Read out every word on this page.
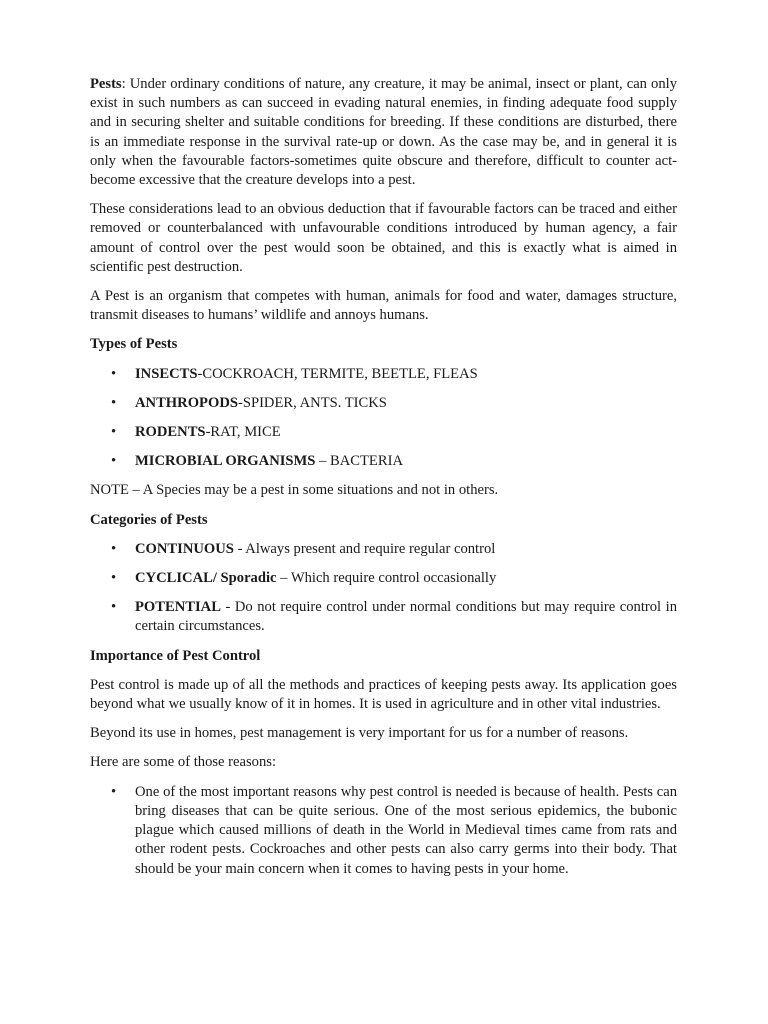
Pests: Under ordinary conditions of nature, any creature, it may be animal, insect or plant, can only exist in such numbers as can succeed in evading natural enemies, in finding adequate food supply and in securing shelter and suitable conditions for breeding. If these conditions are disturbed, there is an immediate response in the survival rate-up or down. As the case may be, and in general it is only when the favourable factors-sometimes quite obscure and therefore, difficult to counter act-become excessive that the creature develops into a pest.

These considerations lead to an obvious deduction that if favourable factors can be traced and either removed or counterbalanced with unfavourable conditions introduced by human agency, a fair amount of control over the pest would soon be obtained, and this is exactly what is aimed in scientific pest destruction.

A Pest is an organism that competes with human, animals for food and water, damages structure, transmit diseases to humans’ wildlife and annoys humans.

Types of Pests

• INSECTS-COCKROACH, TERMITE, BEETLE, FLEAS
• ANTHROPODS-SPIDER, ANTS. TICKS
• RODENTS-RAT, MICE
• MICROBIAL ORGANISMS – BACTERIA

NOTE – A Species may be a pest in some situations and not in others.

Categories of Pests

• CONTINUOUS - Always present and require regular control
• CYCLICAL/ Sporadic – Which require control occasionally
• POTENTIAL - Do not require control under normal conditions but may require control in certain circumstances.

Importance of Pest Control

Pest control is made up of all the methods and practices of keeping pests away. Its application goes beyond what we usually know of it in homes. It is used in agriculture and in other vital industries.

Beyond its use in homes, pest management is very important for us for a number of reasons.

Here are some of those reasons:

• One of the most important reasons why pest control is needed is because of health. Pests can bring diseases that can be quite serious. One of the most serious epidemics, the bubonic plague which caused millions of death in the World in Medieval times came from rats and other rodent pests. Cockroaches and other pests can also carry germs into their body. That should be your main concern when it comes to having pests in your home.
